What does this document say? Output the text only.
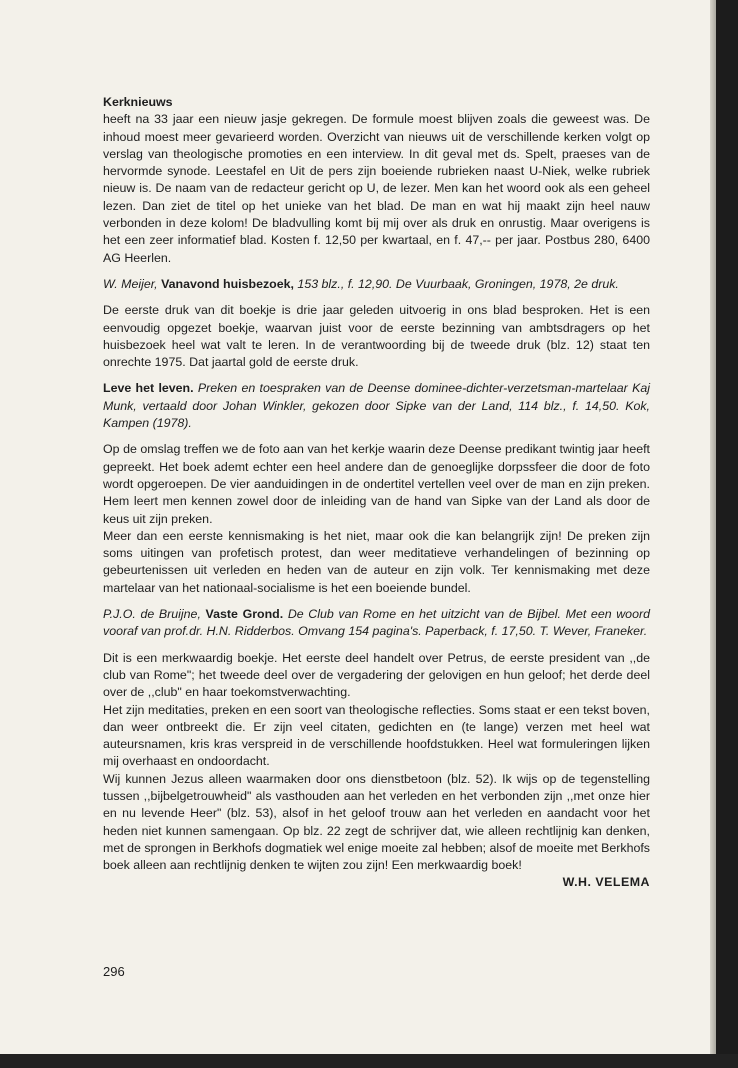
Kerknieuws

heeft na 33 jaar een nieuw jasje gekregen. De formule moest blijven zoals die geweest was. De inhoud moest meer gevarieerd worden. Overzicht van nieuws uit de verschillende kerken volgt op verslag van theologische promoties en een interview. In dit geval met ds. Spelt, praeses van de hervormde synode. Leestafel en Uit de pers zijn boeiende rubrieken naast U-Niek, welke rubriek nieuw is. De naam van de redacteur gericht op U, de lezer. Men kan het woord ook als een geheel lezen. Dan ziet de titel op het unieke van het blad. De man en wat hij maakt zijn heel nauw verbonden in deze kolom! De bladvulling komt bij mij over als druk en onrustig. Maar overigens is het een zeer informatief blad. Kosten f. 12,50 per kwartaal, en f. 47,-- per jaar. Postbus 280, 6400 AG Heerlen.

W. Meijer, Vanavond huisbezoek, 153 blz., f. 12,90. De Vuurbaak, Groningen, 1978, 2e druk.

De eerste druk van dit boekje is drie jaar geleden uitvoerig in ons blad besproken. Het is een eenvoudig opgezet boekje, waarvan juist voor de eerste bezinning van ambtsdragers op het huisbezoek heel wat valt te leren. In de verantwoording bij de tweede druk (blz. 12) staat ten onrechte 1975. Dat jaartal gold de eerste druk.

Leve het leven. Preken en toespraken van de Deense dominee-dichter-verzetsman-martelaar Kaj Munk, vertaald door Johan Winkler, gekozen door Sipke van der Land, 114 blz., f. 14,50. Kok, Kampen (1978).

Op de omslag treffen we de foto aan van het kerkje waarin deze Deense predikant twintig jaar heeft gepreekt. Het boek ademt echter een heel andere dan de genoeglijke dorpssfeer die door de foto wordt opgeroepen. De vier aanduidingen in de ondertitel vertellen veel over de man en zijn preken. Hem leert men kennen zowel door de inleiding van de hand van Sipke van der Land als door de keus uit zijn preken.

Meer dan een eerste kennismaking is het niet, maar ook die kan belangrijk zijn! De preken zijn soms uitingen van profetisch protest, dan weer meditatieve verhandelingen of bezinning op gebeurtenissen uit verleden en heden van de auteur en zijn volk. Ter kennismaking met deze martelaar van het nationaal-socialisme is het een boeiende bundel.

P.J.O. de Bruijne, Vaste Grond. De Club van Rome en het uitzicht van de Bijbel. Met een woord vooraf van prof.dr. H.N. Ridderbos. Omvang 154 pagina's. Paperback, f. 17,50. T. Wever, Franeker.

Dit is een merkwaardig boekje. Het eerste deel handelt over Petrus, de eerste president van ,,de club van Rome"; het tweede deel over de vergadering der gelovigen en hun geloof; het derde deel over de ,,club" en haar toekomstverwachting.

Het zijn meditaties, preken en een soort van theologische reflecties. Soms staat er een tekst boven, dan weer ontbreekt die. Er zijn veel citaten, gedichten en (te lange) verzen met heel wat auteursnamen, kris kras verspreid in de verschillende hoofdstukken. Heel wat formuleringen lijken mij overhaast en ondoordacht.

Wij kunnen Jezus alleen waarmaken door ons dienstbetoon (blz. 52). Ik wijs op de tegenstelling tussen ,,bijbelgetrouwheid" als vasthouden aan het verleden en het verbonden zijn ,,met onze hier en nu levende Heer" (blz. 53), alsof in het geloof trouw aan het verleden en aandacht voor het heden niet kunnen samengaan. Op blz. 22 zegt de schrijver dat, wie alleen rechtlijnig kan denken, met de sprongen in Berkhofs dogmatiek wel enige moeite zal hebben; alsof de moeite met Berkhofs boek alleen aan rechtlijnig denken te wijten zou zijn! Een merkwaardig boek!

W.H. VELEMA
296
